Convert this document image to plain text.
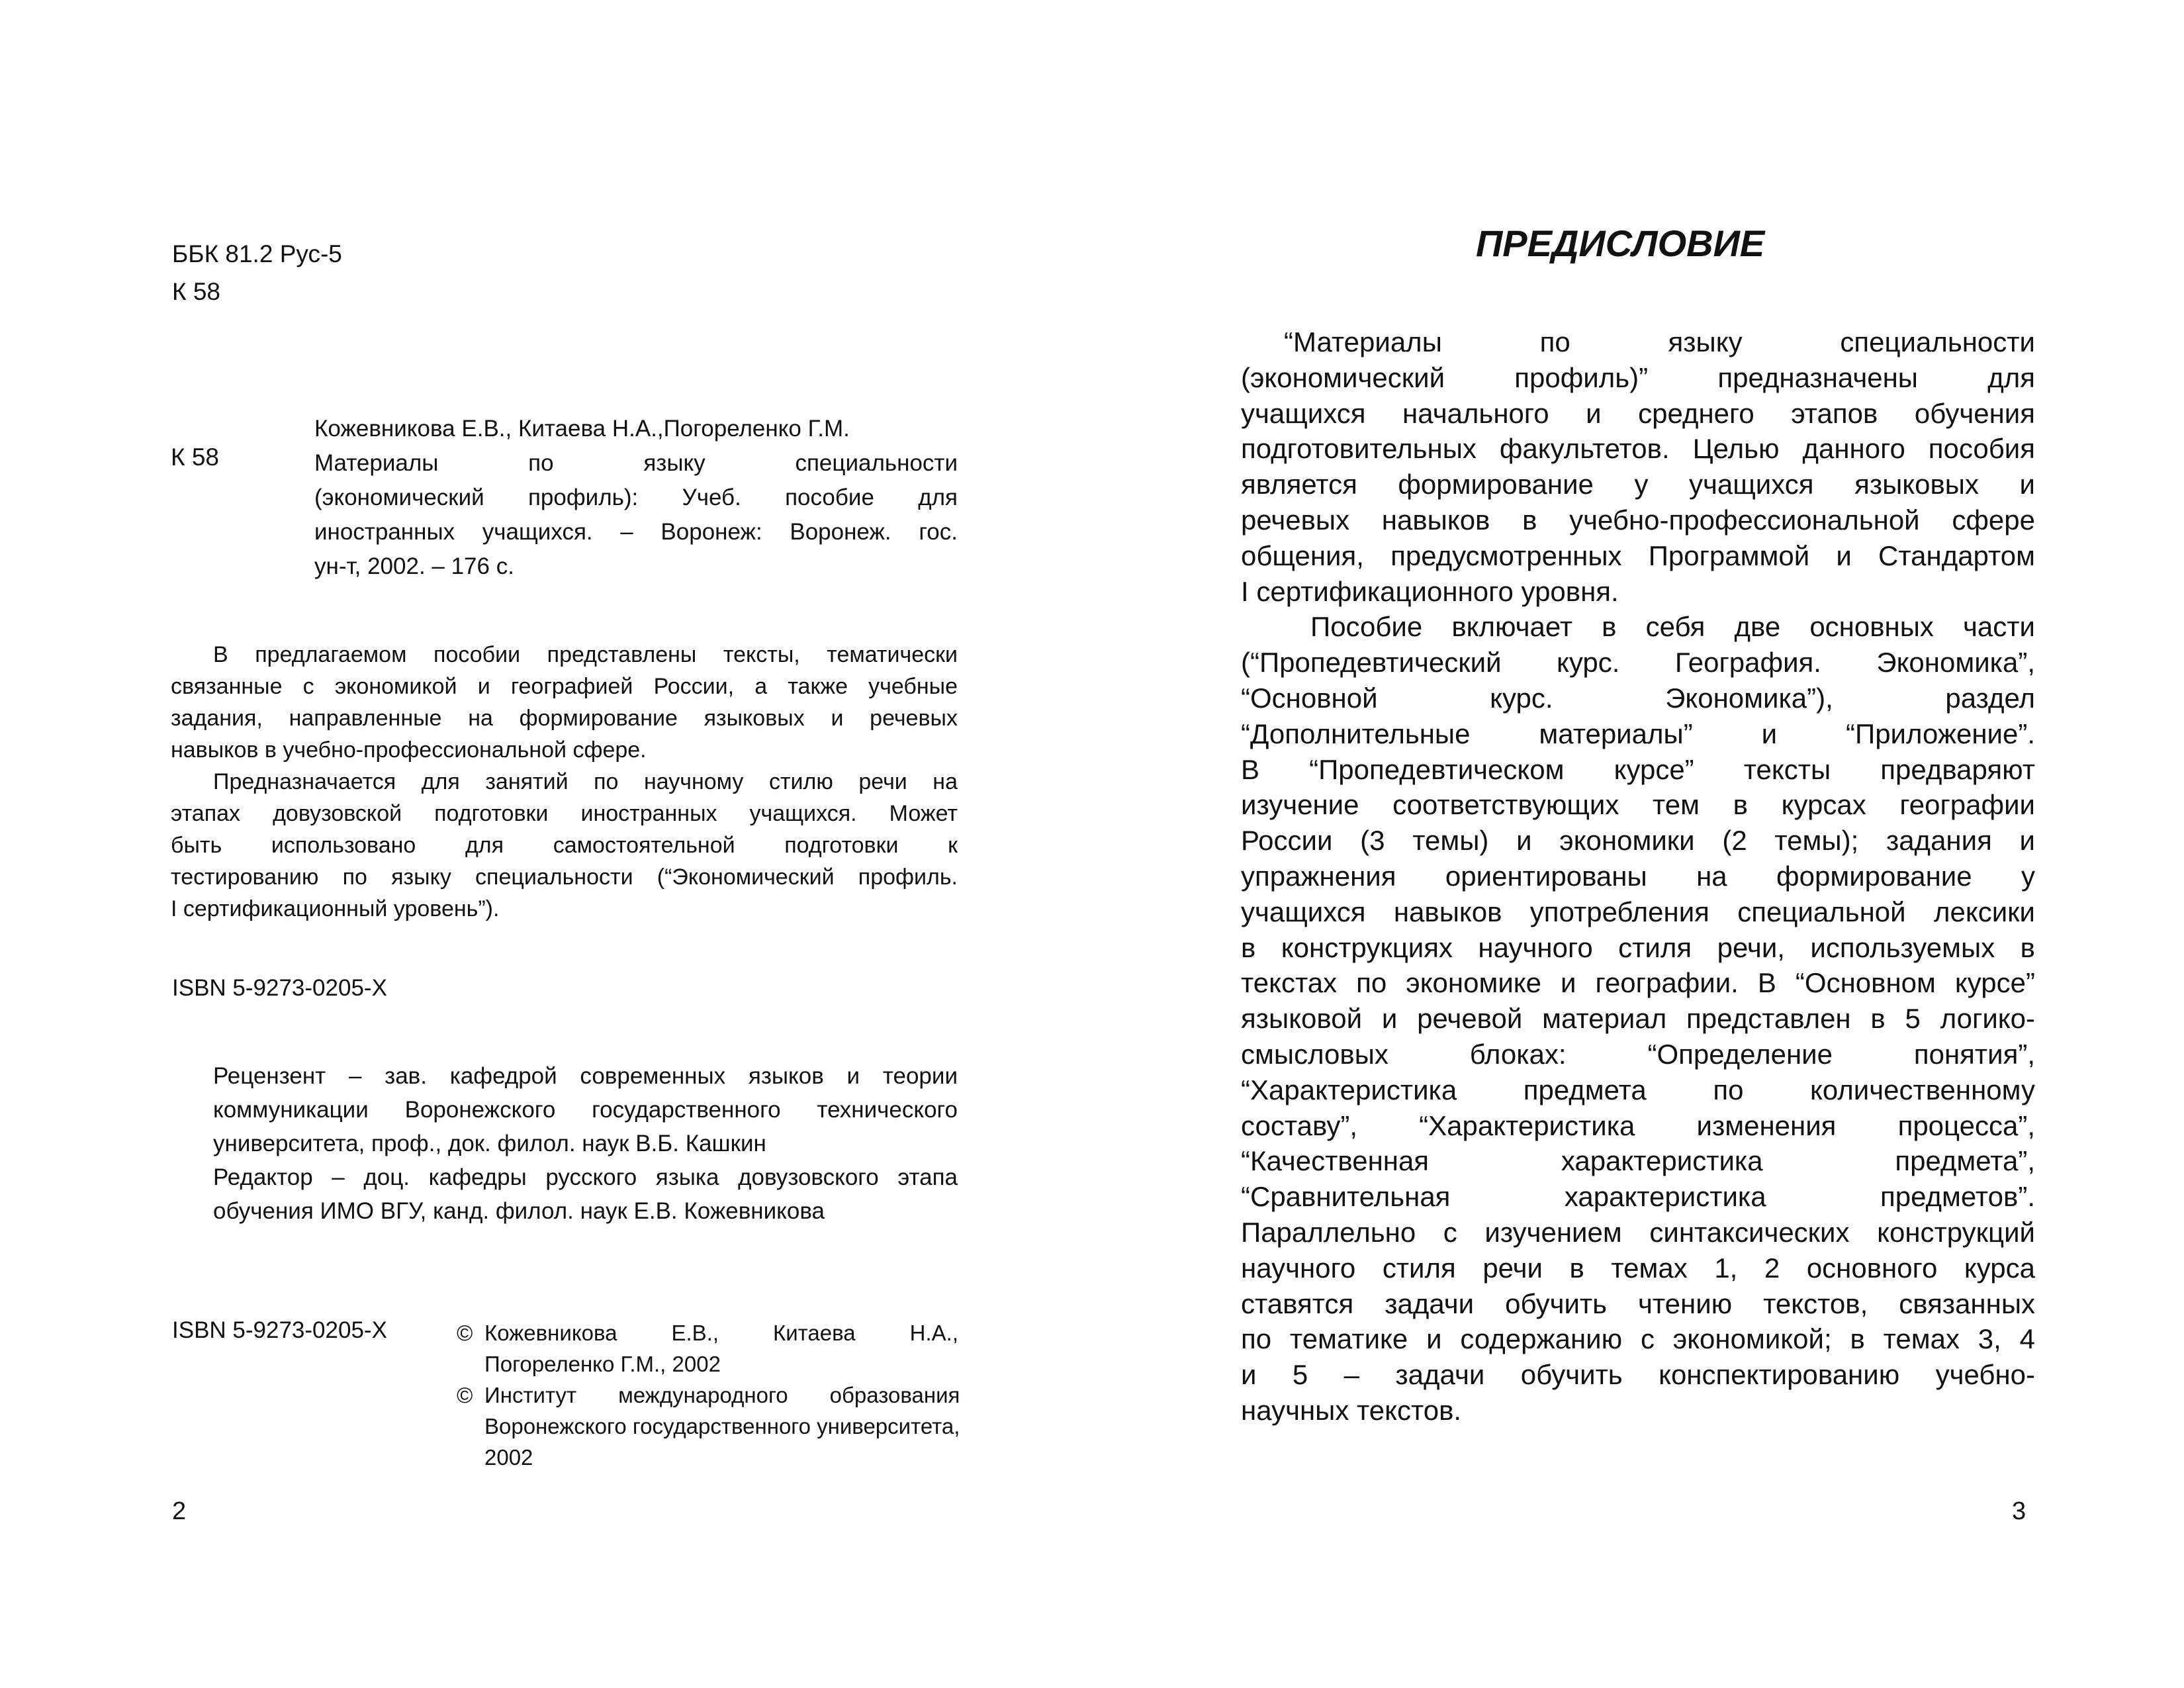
ББК 81.2 Рус-5
К 58
К 58
Кожевникова Е.В., Китаева Н.А.,Погореленко Г.М.
Материалы по языку специальности
(экономический профиль): Учеб. пособие для
иностранных учащихся. – Воронеж: Воронеж. гос.
ун-т, 2002. – 176 с.
В предлагаемом пособии представлены тексты, тематически
связанные с экономикой и географией России, а также учебные
задания, направленные на формирование языковых и речевых
навыков в учебно-профессиональной сфере.
Предназначается для занятий по научному стилю речи на
этапах довузовской подготовки иностранных учащихся. Может
быть использовано для самостоятельной подготовки к
тестированию по языку специальности (“Экономический профиль.
I сертификационный уровень”).
ISBN 5-9273-0205-X
Рецензент – зав. кафедрой современных языков и теории
коммуникации Воронежского государственного технического
университета, проф., док. филол. наук В.Б. Кашкин
Редактор – доц. кафедры русского языка довузовского этапа
обучения ИМО ВГУ, канд. филол. наук Е.В. Кожевникова
ISBN 5-9273-0205-X	© Кожевникова Е.В., Китаева Н.А.,
Погореленко Г.М., 2002
© Институт международного образования
Воронежского государственного университета,
2002
2
ПРЕДИСЛОВИЕ
“Материалы по языку специальности
(экономический профиль)” предназначены для
учащихся начального и среднего этапов обучения
подготовительных факультетов. Целью данного пособия
является формирование у учащихся языковых и
речевых навыков в учебно-профессиональной сфере
общения, предусмотренных Программой и Стандартом
I сертификационного уровня.
Пособие включает в себя две основных части
(“Пропедевтический курс. География. Экономика”,
“Основной курс. Экономика”), раздел
“Дополнительные материалы” и “Приложение”.
В “Пропедевтическом курсе” тексты предваряют
изучение соответствующих тем в курсах географии
России (3 темы) и экономики (2 темы); задания и
упражнения ориентированы на формирование у
учащихся навыков употребления специальной лексики
в конструкциях научного стиля речи, используемых в
текстах по экономике и географии. В “Основном курсе”
языковой и речевой материал представлен в 5 логико-
смысловых блоках: “Определение понятия”,
“Характеристика предмета по количественному
составу”, “Характеристика изменения процесса”,
“Качественная характеристика предмета”,
“Сравнительная характеристика предметов”.
Параллельно с изучением синтаксических конструкций
научного стиля речи в темах 1, 2 основного курса
ставятся задачи обучить чтению текстов, связанных
по тематике и содержанию с экономикой; в темах 3, 4
и 5 – задачи обучить конспектированию учебно-
научных текстов.
3
